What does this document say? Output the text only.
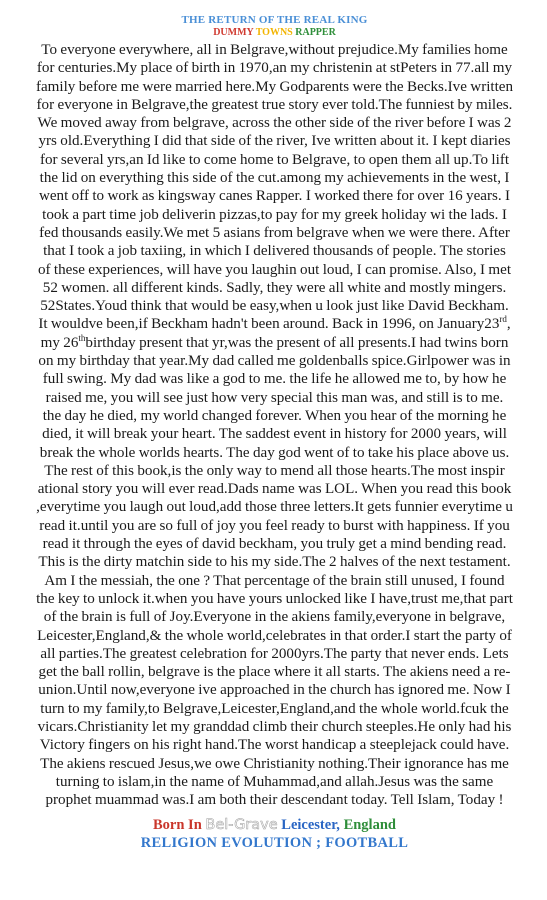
THE RETURN OF THE REAL KING
DUMMY TOWNS RAPPER
To everyone everywhere, all in Belgrave,without prejudice.My families home
for centuries.My place of birth in 1970,an my christenin at stPeters in 77.all my
family before me were married here.My Godparents were the Becks.Ive written
for everyone in Belgrave,the greatest true story ever told.The funniest by miles.
We moved away from belgrave, across the other side of the river before I was 2
yrs old.Everything I did that side of the river, Ive written about it. I kept diaries
for several yrs,an Id like to come home to Belgrave, to open them all up.To lift
the lid on everything this side of the cut.among my achievements in the west, I
went off to work as kingsway canes Rapper. I worked there for over 16 years. I
took a part time job deliverin pizzas,to pay for my greek holiday wi the lads. I
fed thousands easily.We met 5 asians from belgrave when we were there. After
that I took a job taxiing, in which I delivered thousands of people. The stories
of these experiences, will have you laughin out loud, I can promise. Also, I met
52 women. all different kinds. Sadly, they were all white and mostly mingers.
52States.Youd think that would be easy,when u look just like David Beckham.
It wouldve been,if Beckham hadn't been around. Back in 1996, on January23rd,
my 26thbirthday present that yr,was the present of all presents.I had twins born
on my birthday that year.My dad called me goldenballs spice.Girlpower was in
full swing. My dad was like a god to me. the life he allowed me to, by how he
raised me, you will see just how very special this man was, and still is to me.
the day he died, my world changed forever. When you hear of the morning he
died, it will break your heart. The saddest event in history for 2000 years, will
break the whole worlds hearts. The day god went of to take his place above us.
The rest of this book,is the only way to mend all those hearts.The most inspir
ational story you will ever read.Dads name was LOL. When you read this book
,everytime you laugh out loud,add those three letters.It gets funnier everytime u
read it.until you are so full of joy you feel ready to burst with happiness. If you
read it through the eyes of david beckham, you truly get a mind bending read.
This is the dirty matchin side to his my side.The 2 halves of the next testament.
Am I the messiah, the one ? That percentage of the brain still unused, I found
the key to unlock it.when you have yours unlocked like I have,trust me,that part
of the brain is full of Joy.Everyone in the akiens family,everyone in belgrave,
Leicester,England,& the whole world,celebrates in that order.I start the party of
all parties.The greatest celebration for 2000yrs.The party that never ends. Lets
get the ball rollin, belgrave is the place where it all starts. The akiens need a re-
union.Until now,everyone ive approached in the church has ignored me. Now I
turn to my family,to Belgrave,Leicester,England,and the whole world.fcuk the
vicars.Christianity let my granddad climb their church steeples.He only had his
Victory fingers on his right hand.The worst handicap a steeplejack could have.
The akiens rescued Jesus,we owe Christianity nothing.Their ignorance has me
turning to islam,in the name of Muhammad,and allah.Jesus was the same
prophet muammad was.I am both their descendant today. Tell Islam, Today !
Born In Bel-Grave Leicester, England
RELIGION EVOLUTION ; FOOTBALL
